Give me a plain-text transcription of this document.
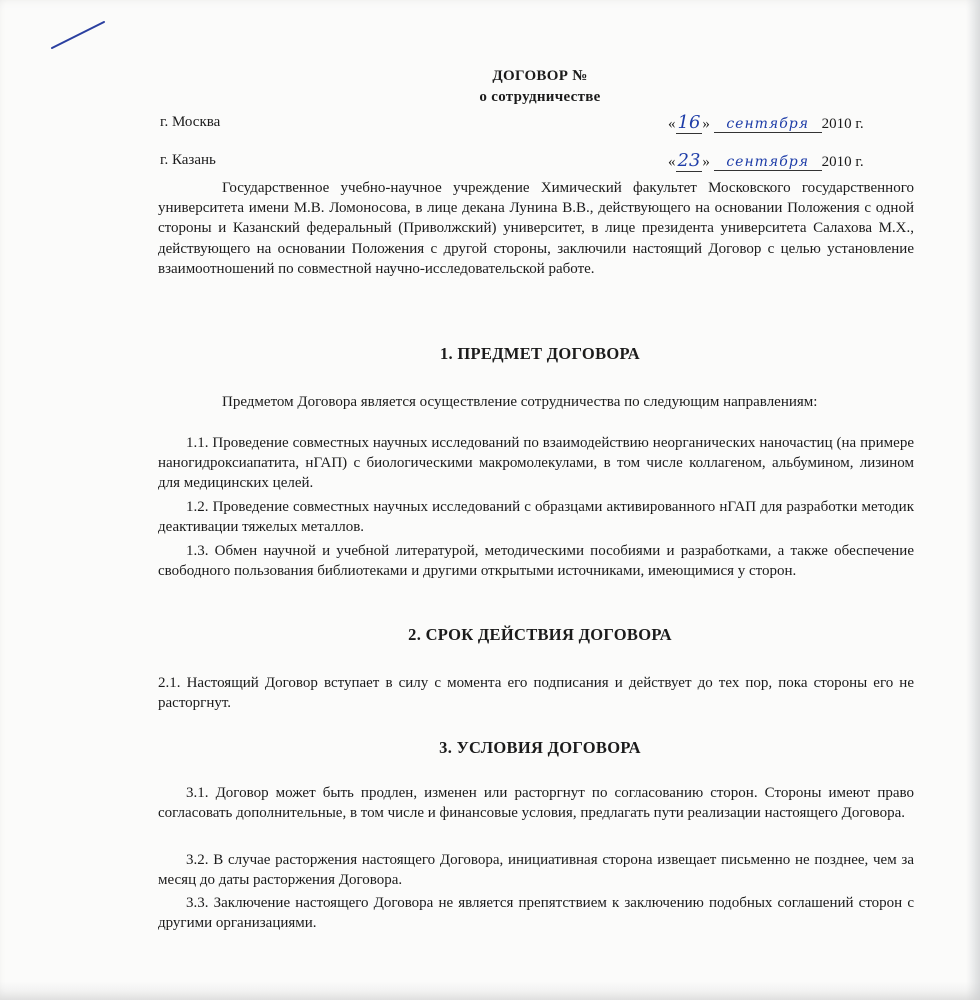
ДОГОВОР №
о сотрудничестве
г. Москва	« 16 » сентября 2010 г.
г. Казань	« 23 » сентября 2010 г.

Государственное учебно-научное учреждение Химический факультет Московского государственного университета имени М.В. Ломоносова, в лице декана Лунина В.В., действующего на основании Положения с одной стороны и Казанский федеральный (Приволжский) университет, в лице президента университета Салахова М.Х., действующего на основании Положения с другой стороны, заключили настоящий Договор с целью установление взаимоотношений по совместной научно-исследовательской работе.

1. ПРЕДМЕТ ДОГОВОРА

Предметом Договора является осуществление сотрудничества по следующим направлениям:

1.1. Проведение совместных научных исследований по взаимодействию неорганических наночастиц (на примере наногидроксиапатита, нГАП) с биологическими макромолекулами, в том числе коллагеном, альбумином, лизином для медицинских целей.

1.2. Проведение совместных научных исследований с образцами активированного нГАП для разработки методик деактивации тяжелых металлов.

1.3. Обмен научной и учебной литературой, методическими пособиями и разработками, а также обеспечение свободного пользования библиотеками и другими открытыми источниками, имеющимися у сторон.

2. СРОК ДЕЙСТВИЯ ДОГОВОРА

2.1. Настоящий Договор вступает в силу с момента его подписания и действует до тех пор, пока стороны его не расторгнут.

3. УСЛОВИЯ ДОГОВОРА

3.1. Договор может быть продлен, изменен или расторгнут по согласованию сторон. Стороны имеют право согласовать дополнительные, в том числе и финансовые условия, предлагать пути реализации настоящего Договора.

3.2. В случае расторжения настоящего Договора, инициативная сторона извещает письменно не позднее, чем за месяц до даты расторжения Договора.

3.3. Заключение настоящего Договора не является препятствием к заключению подобных соглашений сторон с другими организациями.
